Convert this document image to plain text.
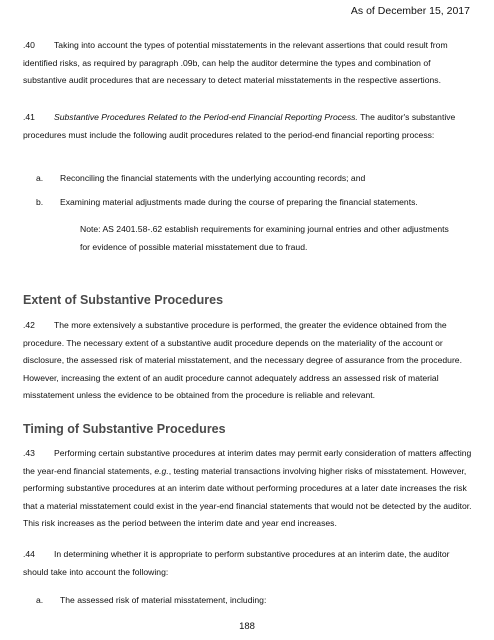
As of December 15, 2017
.40 Taking into account the types of potential misstatements in the relevant assertions that could result from identified risks, as required by paragraph .09b, can help the auditor determine the types and combination of substantive audit procedures that are necessary to detect material misstatements in the respective assertions.
.41 Substantive Procedures Related to the Period-end Financial Reporting Process. The auditor's substantive procedures must include the following audit procedures related to the period-end financial reporting process:
a. Reconciling the financial statements with the underlying accounting records; and
b. Examining material adjustments made during the course of preparing the financial statements.
Note: AS 2401.58-.62 establish requirements for examining journal entries and other adjustments for evidence of possible material misstatement due to fraud.
Extent of Substantive Procedures
.42 The more extensively a substantive procedure is performed, the greater the evidence obtained from the procedure. The necessary extent of a substantive audit procedure depends on the materiality of the account or disclosure, the assessed risk of material misstatement, and the necessary degree of assurance from the procedure. However, increasing the extent of an audit procedure cannot adequately address an assessed risk of material misstatement unless the evidence to be obtained from the procedure is reliable and relevant.
Timing of Substantive Procedures
.43 Performing certain substantive procedures at interim dates may permit early consideration of matters affecting the year-end financial statements, e.g., testing material transactions involving higher risks of misstatement. However, performing substantive procedures at an interim date without performing procedures at a later date increases the risk that a material misstatement could exist in the year-end financial statements that would not be detected by the auditor. This risk increases as the period between the interim date and year end increases.
.44 In determining whether it is appropriate to perform substantive procedures at an interim date, the auditor should take into account the following:
a. The assessed risk of material misstatement, including:
188
